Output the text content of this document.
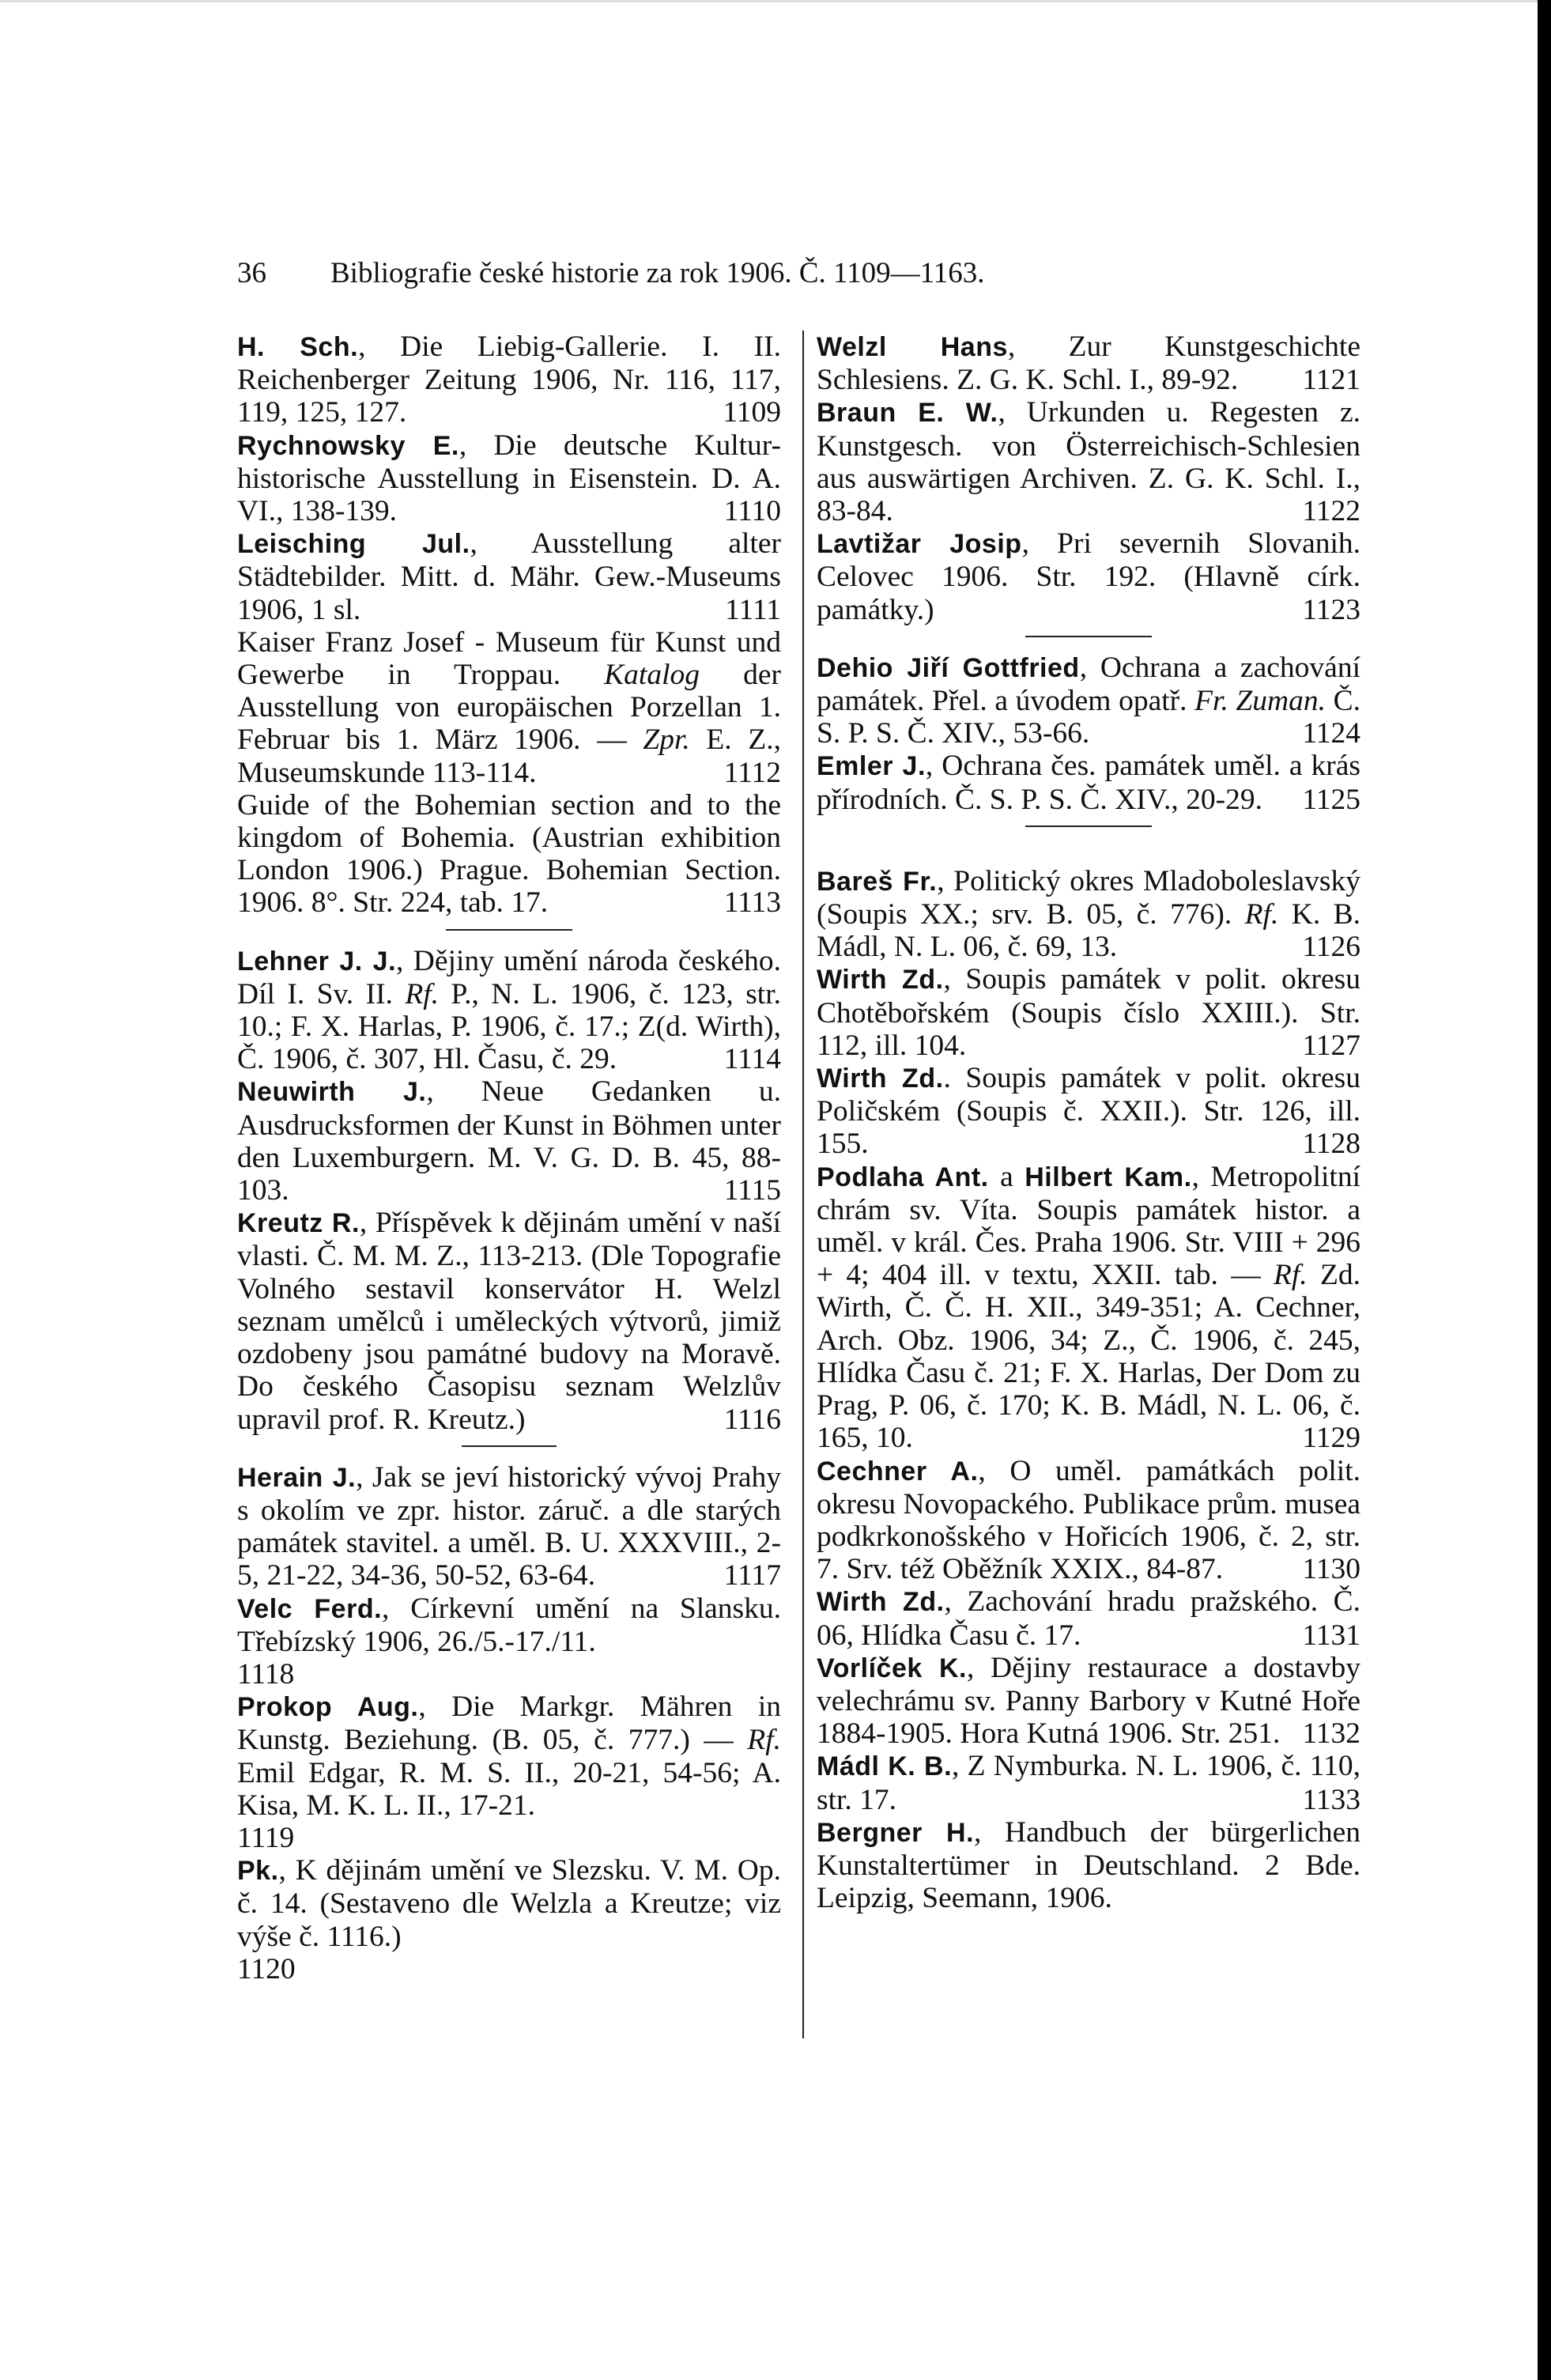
36 Bibliografie české historie za rok 1906. Č. 1109—1163.

H. Sch., Die Liebig-Gallerie. I. II. Reichenberger Zeitung 1906, Nr. 116, 117, 119, 125, 127.	1109

Rychnowsky E., Die deutsche Kultur-historische Ausstellung in Eisenstein. D. A. VI., 138-139.	1110

Leisching Jul., Ausstellung alter Städtebilder. Mitt. d. Mähr. Gew.-Museums 1906, 1 sl.	1111

Kaiser Franz Josef - Museum für Kunst und Gewerbe in Troppau. Katalog der Ausstellung von europäischen Porzellan 1. Februar bis 1. März 1906. — Zpr. E. Z., Museumskunde 113-114.	1112

Guide of the Bohemian section and to the kingdom of Bohemia. (Austrian exhibition London 1906.) Prague. Bohemian Section. 1906. 8°. Str. 224, tab. 17.	1113

Lehner J. J., Dějiny umění národa českého. Díl I. Sv. II. Rf. P., N. L. 1906, č. 123, str. 10.; F. X. Harlas, P. 1906, č. 17.; Z(d. Wirth), Č. 1906, č. 307, Hl. Času, č. 29.	1114

Neuwirth J., Neue Gedanken u. Ausdrucksformen der Kunst in Böhmen unter den Luxemburgern. M. V. G. D. B. 45, 88-103.	1115

Kreutz R., Příspěvek k dějinám umění v naší vlasti. Č. M. M. Z., 113-213. (Dle Topografie Volného sestavil konservátor H. Welzl seznam umělců i uměleckých výtvorů, jimiž ozdobeny jsou památné budovy na Moravě. Do českého Časopisu seznam Welzlův upravil prof. R. Kreutz.)	1116

Herain J., Jak se jeví historický vývoj Prahy s okolím ve zpr. histor. záruč. a dle starých památek stavitel. a uměl. B. U. XXXVIII., 2-5, 21-22, 34-36, 50-52, 63-64.	1117

Velc Ferd., Církevní umění na Slansku. Třebízský 1906, 26./5.-17./11.

1118

Prokop Aug., Die Markgr. Mähren in Kunstg. Beziehung. (B. 05, č. 777.) — Rf. Emil Edgar, R. M. S. II., 20-21, 54-56; A. Kisa, M. K. L. II., 17-21.

1119

Pk., K dějinám umění ve Slezsku. V. M. Op. č. 14. (Sestaveno dle Welzla a Kreutze; viz výše č. 1116.)

1120

Welzl Hans, Zur Kunstgeschichte Schlesiens. Z. G. K. Schl. I., 89-92.	1121

Braun E. W., Urkunden u. Regesten z. Kunstgesch. von Österreichisch-Schlesien aus auswärtigen Archiven. Z. G. K. Schl. I., 83-84.	1122

Lavtižar Josip, Pri severnih Slovanih. Celovec 1906. Str. 192. (Hlavně círk. památky.)	1123

Dehio Jiří Gottfried, Ochrana a zachování památek. Přel. a úvodem opatř. Fr. Zuman. Č. S. P. S. Č. XIV., 53-66.	1124

Emler J., Ochrana čes. památek uměl. a krás přírodních. Č. S. P. S. Č. XIV., 20-29.	1125

Bareš Fr., Politický okres Mladoboleslavský (Soupis XX.; srv. B. 05, č. 776). Rf. K. B. Mádl, N. L. 06, č. 69, 13.	1126

Wirth Zd., Soupis památek v polit. okresu Chotěbořském (Soupis číslo XXIII.). Str. 112, ill. 104.	1127

Wirth Zd.. Soupis památek v polit. okresu Poličském (Soupis č. XXII.). Str. 126, ill. 155.	1128

Podlaha Ant. a Hilbert Kam., Metropolitní chrám sv. Víta. Soupis památek histor. a uměl. v král. Čes. Praha 1906. Str. VIII + 296 + 4; 404 ill. v textu, XXII. tab. — Rf. Zd. Wirth, Č. Č. H. XII., 349-351; A. Cechner, Arch. Obz. 1906, 34; Z., Č. 1906, č. 245, Hlídka Času č. 21; F. X. Harlas, Der Dom zu Prag, P. 06, č. 170; K. B. Mádl, N. L. 06, č. 165, 10.	1129

Cechner A., O uměl. památkách polit. okresu Novopackého. Publikace prům. musea podkrkonošského v Hořicích 1906, č. 2, str. 7. Srv. též Oběžník XXIX., 84-87.	1130

Wirth Zd., Zachování hradu pražského. Č. 06, Hlídka Času č. 17.	1131

Vorlíček K., Dějiny restaurace a dostavby velechrámu sv. Panny Barbory v Kutné Hoře 1884-1905. Hora Kutná 1906. Str. 251. 1132

Mádl K. B., Z Nymburka. N. L. 1906, č. 110, str. 17.	1133

Bergner H., Handbuch der bürgerlichen Kunstaltertümer in Deutschland. 2 Bde. Leipzig, Seemann, 1906.
